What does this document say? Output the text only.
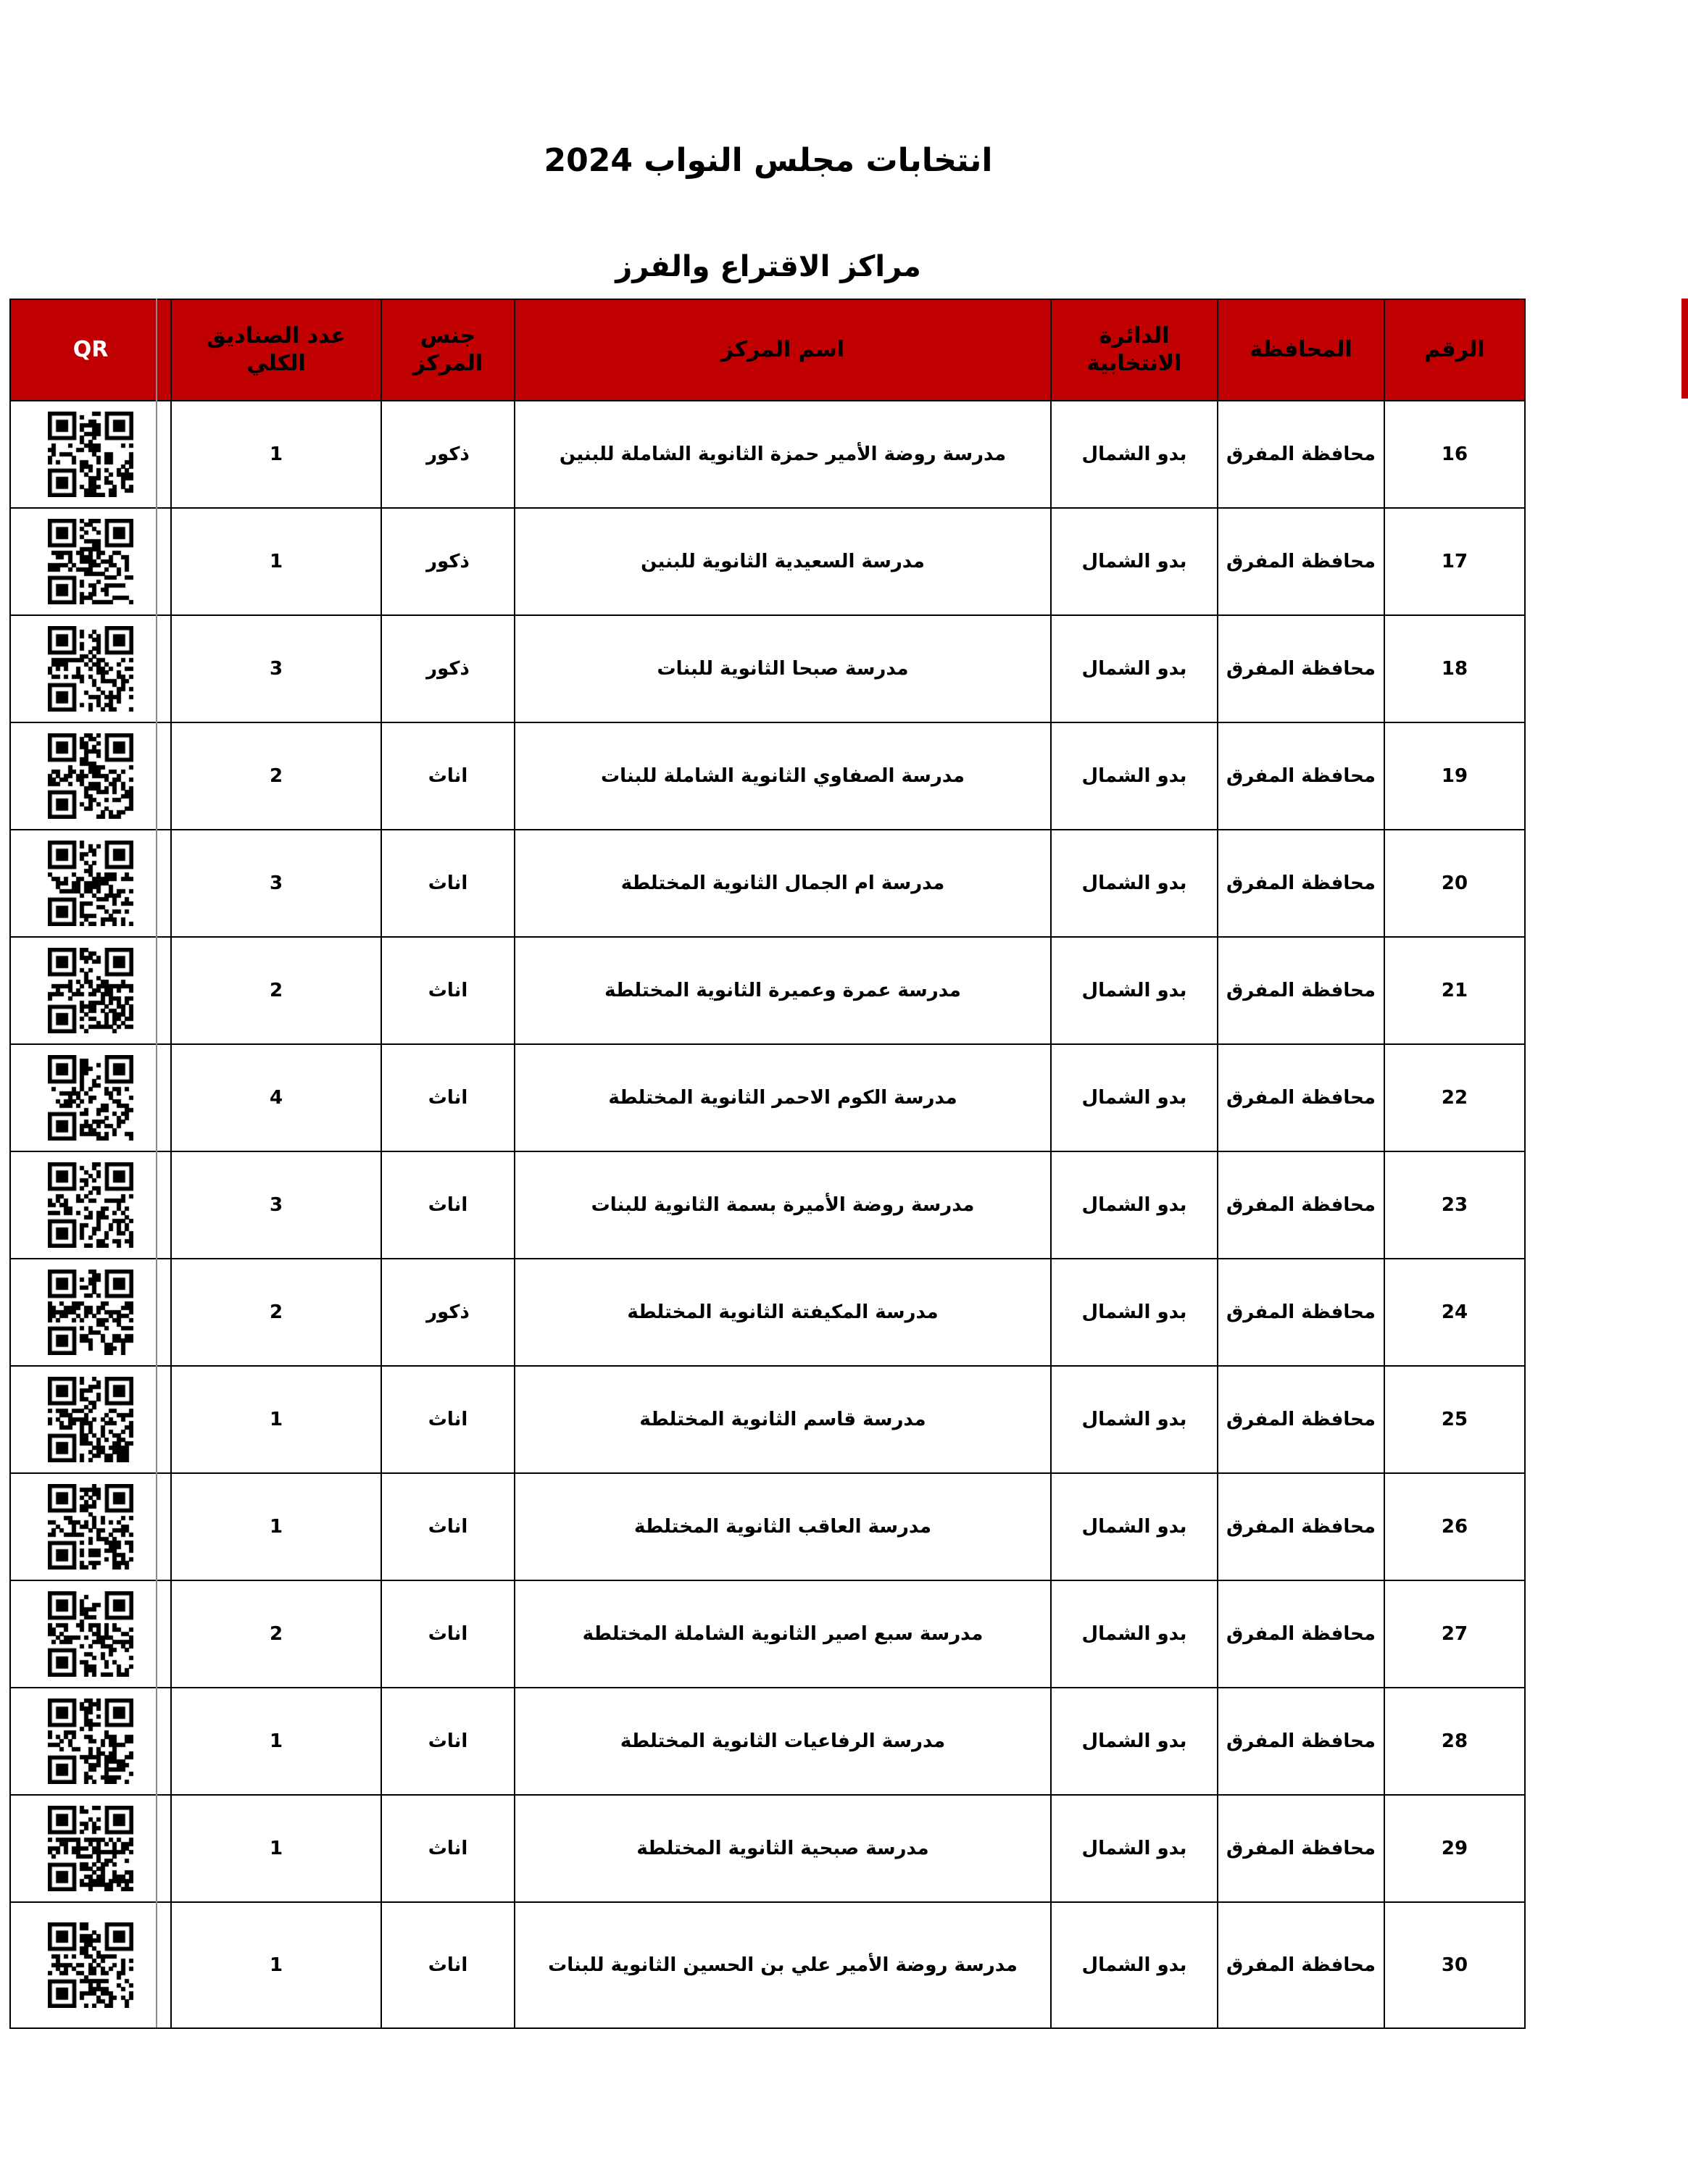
انتخابات مجلس النواب 2024
مراكز الاقتراع والفرز
الرقم	المحافظة	الدائرة الانتخابية	اسم المركز	جنس المركز	عدد الصناديق الكلي	QR
16	محافظة المفرق	بدو الشمال	مدرسة روضة الأمير حمزة الثانوية الشاملة للبنين	ذكور	1	

17	محافظة المفرق	بدو الشمال	مدرسة السعيدية الثانوية للبنين	ذكور	1	

18	محافظة المفرق	بدو الشمال	مدرسة صبحا الثانوية للبنات	ذكور	3	

19	محافظة المفرق	بدو الشمال	مدرسة الصفاوي الثانوية الشاملة للبنات	اناث	2	

20	محافظة المفرق	بدو الشمال	مدرسة ام الجمال الثانوية المختلطة	اناث	3	

21	محافظة المفرق	بدو الشمال	مدرسة عمرة وعميرة الثانوية المختلطة	اناث	2	

22	محافظة المفرق	بدو الشمال	مدرسة الكوم الاحمر الثانوية المختلطة	اناث	4	

23	محافظة المفرق	بدو الشمال	مدرسة روضة الأميرة بسمة الثانوية للبنات	اناث	3	

24	محافظة المفرق	بدو الشمال	مدرسة المكيفتة الثانوية المختلطة	ذكور	2	

25	محافظة المفرق	بدو الشمال	مدرسة قاسم الثانوية المختلطة	اناث	1	

26	محافظة المفرق	بدو الشمال	مدرسة العاقب الثانوية المختلطة	اناث	1	

27	محافظة المفرق	بدو الشمال	مدرسة سبع اصير الثانوية الشاملة المختلطة	اناث	2	

28	محافظة المفرق	بدو الشمال	مدرسة الرفاعيات الثانوية المختلطة	اناث	1	

29	محافظة المفرق	بدو الشمال	مدرسة صبحية الثانوية المختلطة	اناث	1	

30	محافظة المفرق	بدو الشمال	مدرسة روضة الأمير علي بن الحسين الثانوية للبنات	اناث	1	
